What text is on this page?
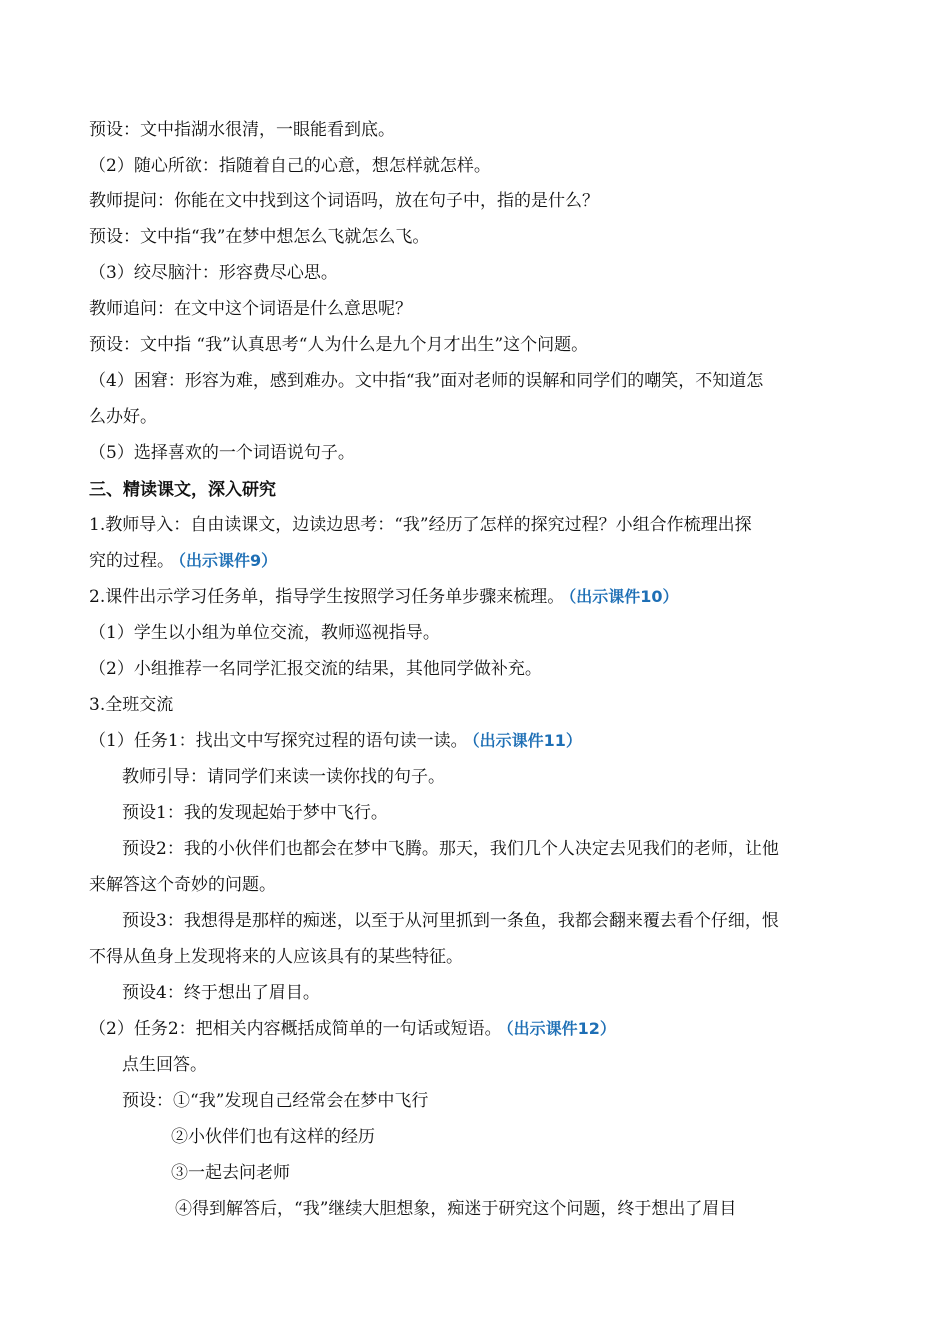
预设：文中指湖水很清，一眼能看到底。
（2）随心所欲：指随着自己的心意，想怎样就怎样。
教师提问：你能在文中找到这个词语吗，放在句子中，指的是什么？
预设：文中指“我”在梦中想怎么飞就怎么飞。
（3）绞尽脑汁：形容费尽心思。
教师追问：在文中这个词语是什么意思呢？
预设：文中指 “我”认真思考“人为什么是九个月才出生”这个问题。
（4）困窘：形容为难，感到难办。文中指“我”面对老师的误解和同学们的嘲笑，不知道怎
么办好。
（5）选择喜欢的一个词语说句子。
三、精读课文，深入研究
1.教师导入：自由读课文，边读边思考：“我”经历了怎样的探究过程？小组合作梳理出探
究的过程。 （出示课件9）
2.课件出示学习任务单，指导学生按照学习任务单步骤来梳理。 （出示课件10）
（1）学生以小组为单位交流，教师巡视指导。
（2）小组推荐一名同学汇报交流的结果，其他同学做补充。
3.全班交流
（1）任务1：找出文中写探究过程的语句读一读。 （出示课件11）
教师引导：请同学们来读一读你找的句子。
预设1：我的发现起始于梦中飞行。
预设2：我的小伙伴们也都会在梦中飞腾。那天，我们几个人决定去见我们的老师，让他
来解答这个奇妙的问题。
预设3：我想得是那样的痴迷，以至于从河里抓到一条鱼，我都会翻来覆去看个仔细，恨
不得从鱼身上发现将来的人应该具有的某些特征。
预设4：终于想出了眉目。
（2）任务2：把相关内容概括成简单的一句话或短语。 （出示课件12）
点生回答。
预设：①“我”发现自己经常会在梦中飞行
②小伙伴们也有这样的经历
③一起去问老师
④得到解答后，“我”继续大胆想象，痴迷于研究这个问题，终于想出了眉目
